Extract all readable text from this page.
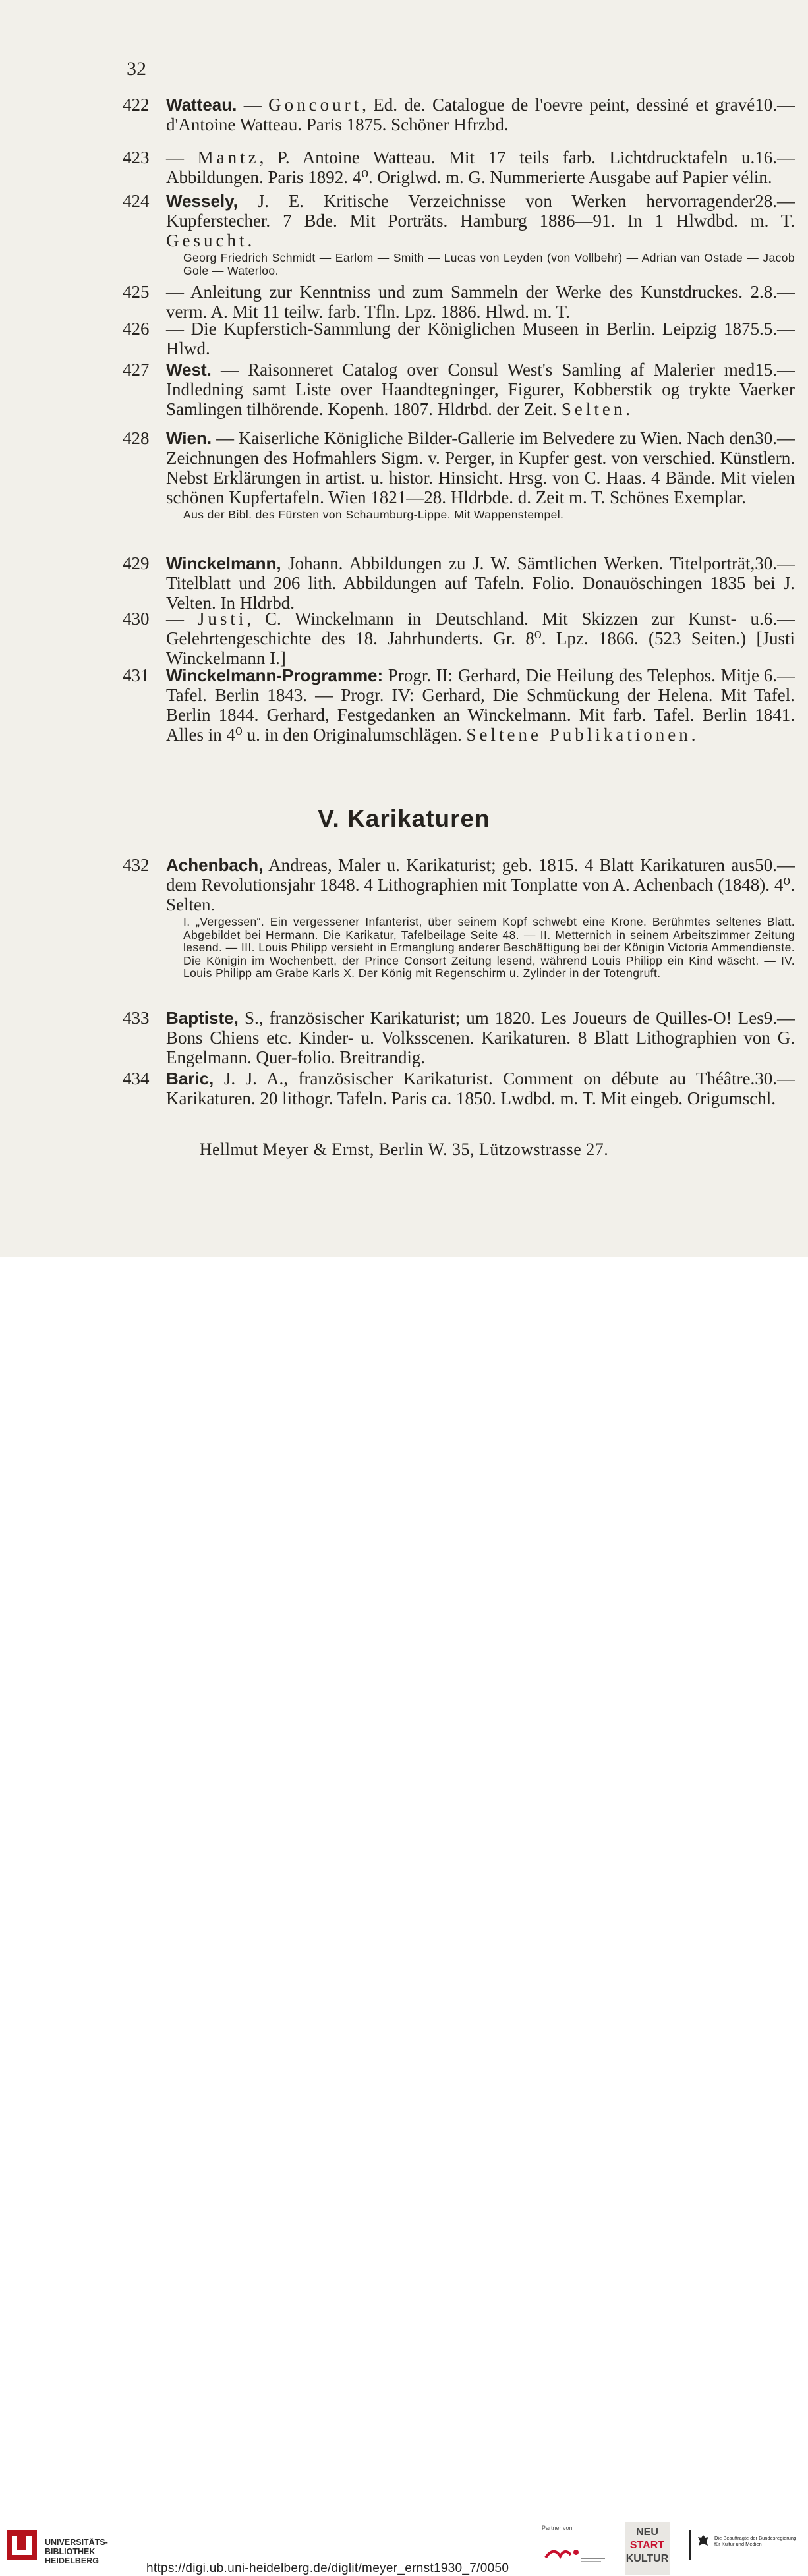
32
422	10.—
Watteau. — Goncourt, Ed. de. Catalogue de l'oevre peint, dessiné et gravé d'Antoine Watteau. Paris 1875. Schöner Hfrzbd.
423	16.—
— Mantz, P. Antoine Watteau. Mit 17 teils farb. Lichtdrucktafeln u. Abbildungen. Paris 1892. 4⁰. Origlwd. m. G. Nummerierte Ausgabe auf Papier vélin.
424	28.—
Wessely, J. E. Kritische Verzeichnisse von Werken hervorragender Kupferstecher. 7 Bde. Mit Porträts. Hamburg 1886—91. In 1 Hlwdbd. m. T. Gesucht.
Georg Friedrich Schmidt — Earlom — Smith — Lucas von Leyden (von Vollbehr) — Adrian van Ostade — Jacob Gole — Waterloo.
425	8.—
— Anleitung zur Kenntniss und zum Sammeln der Werke des Kunstdruckes. 2. verm. A. Mit 11 teilw. farb. Tfln. Lpz. 1886. Hlwd. m. T.
426	5.—
— Die Kupferstich-Sammlung der Königlichen Museen in Berlin. Leipzig 1875. Hlwd.
427	15.—
West. — Raisonneret Catalog over Consul West's Samling af Malerier med Indledning samt Liste over Haandtegninger, Figurer, Kobberstik og trykte Vaerker Samlingen tilhörende. Kopenh. 1807. Hldrbd. der Zeit. Selten.
428	30.—
Wien. — Kaiserliche Königliche Bilder-Gallerie im Belvedere zu Wien. Nach den Zeichnungen des Hofmahlers Sigm. v. Perger, in Kupfer gest. von verschied. Künstlern. Nebst Erklärungen in artist. u. histor. Hinsicht. Hrsg. von C. Haas. 4 Bände. Mit vielen schönen Kupfertafeln. Wien 1821—28. Hldrbde. d. Zeit m. T. Schönes Exemplar.
Aus der Bibl. des Fürsten von Schaumburg-Lippe. Mit Wappenstempel.
429	30.—
Winckelmann, Johann. Abbildungen zu J. W. Sämtlichen Werken. Titelporträt, Titelblatt und 206 lith. Abbildungen auf Tafeln. Folio. Donauöschingen 1835 bei J. Velten. In Hldrbd.
430	6.—
— Justi, C. Winckelmann in Deutschland. Mit Skizzen zur Kunst- u. Gelehrtengeschichte des 18. Jahrhunderts. Gr. 8⁰. Lpz. 1866. (523 Seiten.) [Justi Winckelmann I.]
431	je 6.—
Winckelmann-Programme: Progr. II: Gerhard, Die Heilung des Telephos. Mit Tafel. Berlin 1843. — Progr. IV: Gerhard, Die Schmückung der Helena. Mit Tafel. Berlin 1844. Gerhard, Festgedanken an Winckelmann. Mit farb. Tafel. Berlin 1841. Alles in 4⁰ u. in den Originalumschlägen. Seltene Publikationen.
V. Karikaturen
432	50.—
Achenbach, Andreas, Maler u. Karikaturist; geb. 1815. 4 Blatt Karikaturen aus dem Revolutionsjahr 1848. 4 Lithographien mit Tonplatte von A. Achenbach (1848). 4⁰. Selten.
I. „Vergessen“. Ein vergessener Infanterist, über seinem Kopf schwebt eine Krone. Berühmtes seltenes Blatt. Abgebildet bei Hermann. Die Karikatur, Tafelbeilage Seite 48. — II. Metternich in seinem Arbeitszimmer Zeitung lesend. — III. Louis Philipp versieht in Ermanglung anderer Beschäftigung bei der Königin Victoria Ammendienste. Die Königin im Wochenbett, der Prince Consort Zeitung lesend, während Louis Philipp ein Kind wäscht. — IV. Louis Philipp am Grabe Karls X. Der König mit Regenschirm u. Zylinder in der Totengruft.
433	9.—
Baptiste, S., französischer Karikaturist; um 1820. Les Joueurs de Quilles-O! Les Bons Chiens etc. Kinder- u. Volksscenen. Karikaturen. 8 Blatt Lithographien von G. Engelmann. Quer-folio. Breitrandig.
434	30.—
Baric, J. J. A., französischer Karikaturist. Comment on débute au Théâtre. Karikaturen. 20 lithogr. Tafeln. Paris ca. 1850. Lwdbd. m. T. Mit eingeb. Origumschl.
Hellmut Meyer & Ernst, Berlin W. 35, Lützowstrasse 27.
UNIVERSITÄTS-
BIBLIOTHEK
HEIDELBERG
Partner von	NEU
START
KULTUR
Die Beauftragte der Bundesregierung
für Kultur und Medien
https://digi.ub.uni-heidelberg.de/diglit/meyer_ernst1930_7/0050
